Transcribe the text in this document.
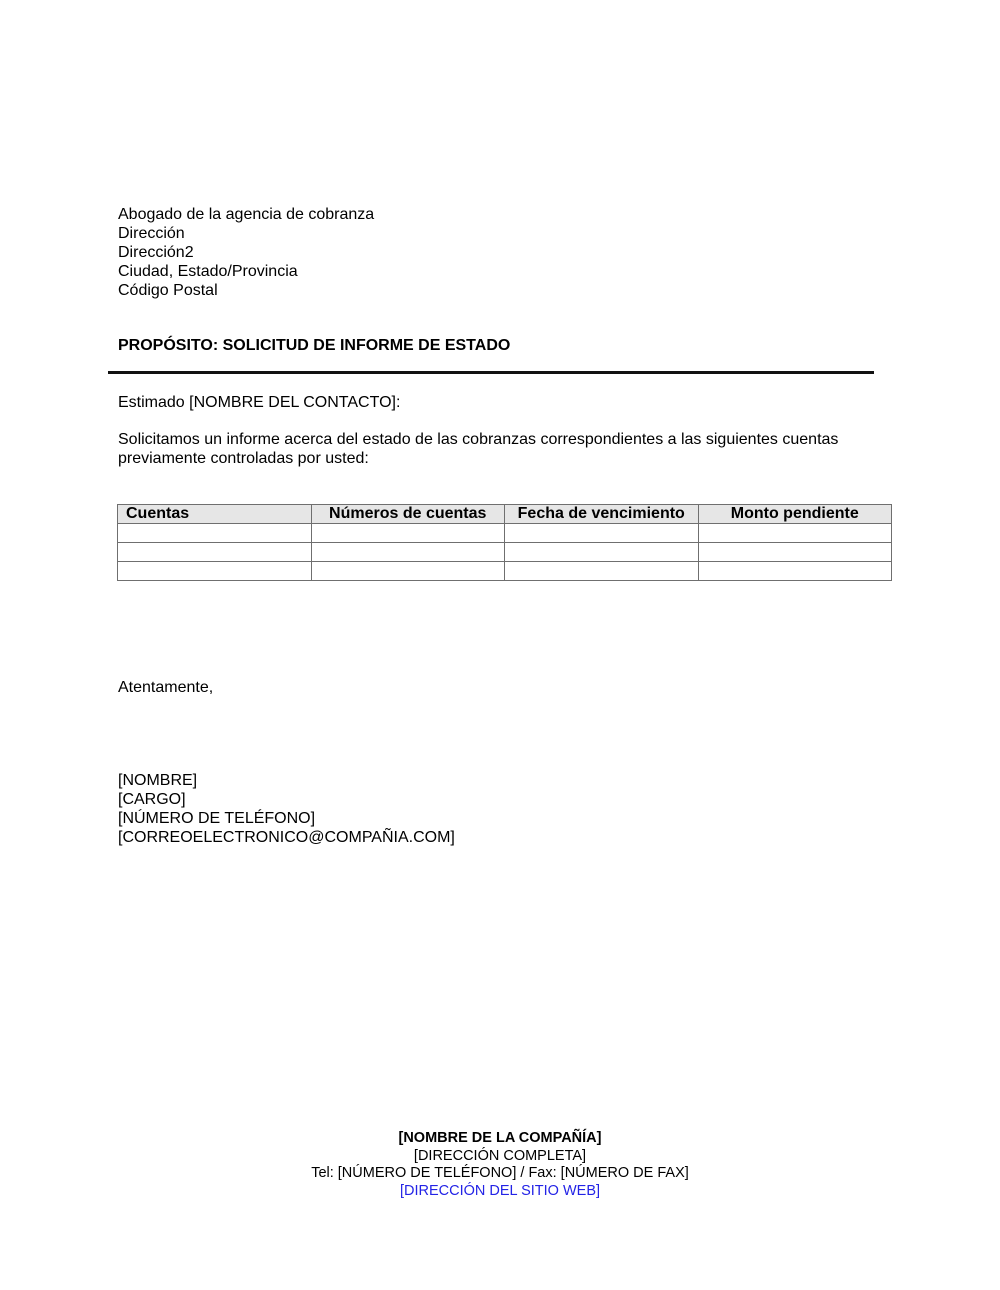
Abogado de la agencia de cobranza
Dirección
Dirección2
Ciudad, Estado/Provincia
Código Postal
PROPÓSITO: SOLICITUD DE INFORME DE ESTADO
Estimado [NOMBRE DEL CONTACTO]:
Solicitamos un informe acerca del estado de las cobranzas correspondientes a las siguientes cuentas previamente controladas por usted:
Cuentas	Números de cuentas	Fecha de vencimiento	Monto pendiente

Atentamente,
[NOMBRE]
[CARGO]
[NÚMERO DE TELÉFONO]
[CORREOELECTRONICO@COMPAÑIA.COM]
[NOMBRE DE LA COMPAÑÍA]
[DIRECCIÓN COMPLETA]
Tel: [NÚMERO DE TELÉFONO] / Fax: [NÚMERO DE FAX]
[DIRECCIÓN DEL SITIO WEB]
